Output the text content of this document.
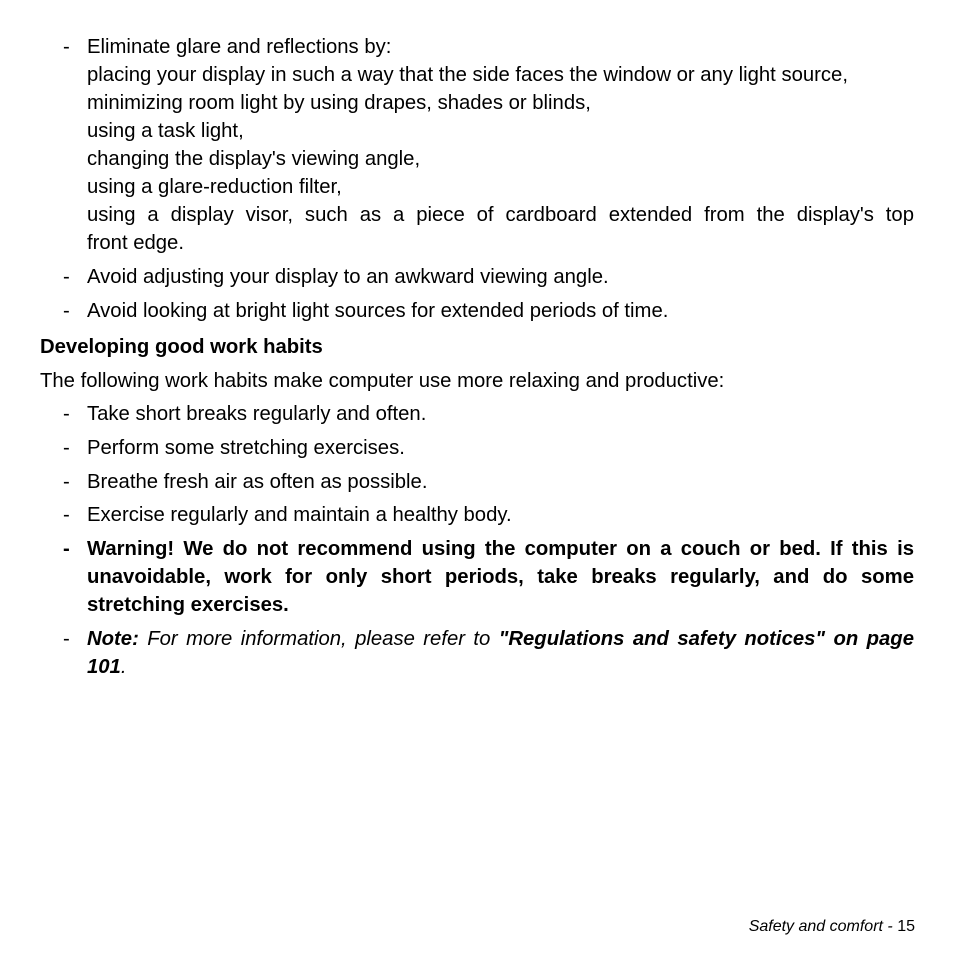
- Eliminate glare and reflections by:
placing your display in such a way that the side faces the window or any light source,
minimizing room light by using drapes, shades or blinds,
using a task light,
changing the display's viewing angle,
using a glare-reduction filter,
using a display visor, such as a piece of cardboard extended from the display's top
front edge.
- Avoid adjusting your display to an awkward viewing angle.
- Avoid looking at bright light sources for extended periods of time.
Developing good work habits
The following work habits make computer use more relaxing and productive:
- Take short breaks regularly and often.
- Perform some stretching exercises.
- Breathe fresh air as often as possible.
- Exercise regularly and maintain a healthy body.
- Warning! We do not recommend using the computer on a couch or bed. If this is unavoidable, work for only short periods, take breaks regularly, and do some stretching exercises.
- Note: For more information, please refer to "Regulations and safety notices" on page 101.
Safety and comfort - 15
